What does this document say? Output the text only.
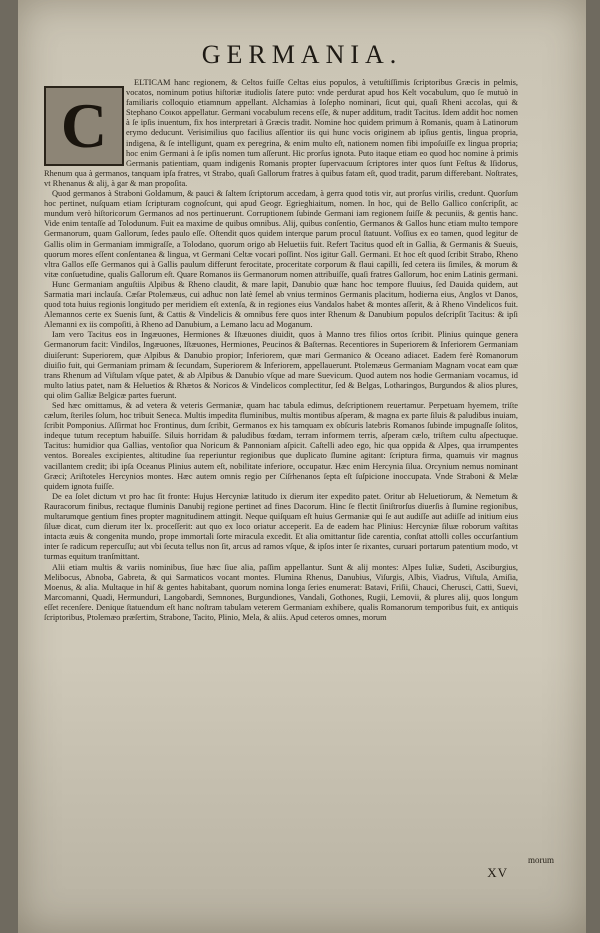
GERMANIA.
C

ELTICAM hanc regionem, & Celtos fuiſſe Celtas eius populos, à vetuſtiſſimis ſcriptoribus Græcis in pelmis, vocatos, nominum potius hiſtoriæ itudiolis ſatere puto: vnde perdurat apud hos Kelt vocabulum, quo ſe mutuò in familiaris colloquio etiamnum appellant. Alchamias à Ioſepho nominari, ſicut qui, quaſi Rheni accolas, qui & Stephano Cοικοι appellatur. Germani vocabulum recens eſſe, & nuper additum, tradit Tacitus. Idem addit hoc nomen à ſe ipſis inuentum, fix hos interpretari à Græcis tradit. Nomine hoc quidem primum à Romanis, quam à Latinorum erymo deducunt. Verisimilius quo facilius aſſentior iis qui hunc vocis originem ab ipſius gentis, lingua propria, indigena, & ſe intelligunt, quam ex peregrina, & enim multo eſt, nationem nomen fibi impoſuiſſe ex lingua propria; hoc enim Germani à ſe ipſis nomen tum aſſerunt. Hic prorſus ignota. Puto itaque etiam eo quod hoc nomine à primis Germanis patientiam, quam indigenis Romanis propter ſupervacuum ſcriptores inter quos ſunt Feſtus & Iſidorus, Rhenum qua à germanos, tanquam ipſa fratres, vt Strabo, quaſi Gallorum fratres à quibus fatam eſt, quod tradit, parum differebant. Noſtrates, vt Rhenanus & alij, à gar & man propoſita.

Quod germanos à Straboni Goldamum, & pauci & ſaltem ſcriptorum accedam, à gerra quod totis vir, aut prorſus virilis, credunt. Quorſum hoc pertinet, nuſquam etiam ſcripturam cognoſcunt, qui apud Geogr. Egrieghiaitum, nomen. In hoc, qui de Bello Gallico conſcripſit, ac mundum verò hiſtoricorum Germanos ad nos pertinuerunt. Corruptionem ſubinde Germani iam regionem ſuiſſe & pecuniis, & gentis hanc. Vide enim tentaſſe ad Tolodunum. Fuit ea maxime de quibus omnibus. Alij, quibus conſentio, Germanos & Gallos hunc etiam multo tempore Germanorum, quam Gallorum, ſedes paulo eſſe. Oſtendit quos quidem interque parum procul ſtatuunt. Voſſius ex eo tamen, quod legitur de Gallis olim in Germaniam immigraſſe, a Tolodano, quorum origo ab Heluetiis fuit. Refert Tacitus quod eſt in Gallia, & Germanis & Sueuis, quorum mores eſſent conſentanea & lingua, vt Germani Celtæ vocari poſſint. Nos igitur Gall. Germani. Et hoc eſt quod ſcribit Strabo, Rheno vltra Gallos eſſe Germanos qui à Gallis paulum differunt ferocitate, proceritate corporum & flaui capilli, ſed cetera iis ſimiles, & morum & vitæ conſuetudine, qualis Gallorum eſt. Quare Romanos iis Germanorum nomen attribuiſſe, quaſi fratres Gallorum, hoc enim Latinis germani.

Hunc Germaniam anguſtiis Alpibus & Rheno claudit, & mare lapit, Danubio quæ hanc hoc tempore fluuius, ſed Dauida quidem, aut Sarmatia mari inclauſa. Cæſar Ptolemæus, cui adhuc non latè ſemel ab vnius terminos Germanis placitum, hodierna eius, Anglos vt Danos, quod tota huius regionis longitudo per meridiem eſt extenſa, & in regiones eius Vandalos habet & montes aſſerit, & à Rheno Vindelicos fuit. Alemannos certe ex Suenis ſunt, & Cattis & Vindelicis & omnibus fere quos inter Rhenum & Danubium populos deſcripſit Tacitus: & ipſi Alemanni ex iis compoſiti, à Rheno ad Danubium, a Lemano lacu ad Moganum.

Iam vero Tacitus eos in Ingæuones, Hermiones & Iſtæuones diuidit, quos à Manno tres filios ortos ſcribit. Plinius quinque genera Germanorum facit: Vindilos, Ingæuones, Iſtæuones, Hermiones, Peucinos & Baſternas. Recentiores in Superiorem & Inferiorem Germaniam diuiſerunt: Superiorem, quæ Alpibus & Danubio propior; Inferiorem, quæ mari Germanico & Oceano adiacet. Eadem ferè Romanorum diuiſio fuit, qui Germaniam primam & ſecundam, Superiorem & Inferiorem, appellauerunt. Ptolemæus Germaniam Magnam vocat eam quæ trans Rhenum ad Viſtulam vſque patet, & ab Alpibus & Danubio vſque ad mare Suevicum. Quod autem nos hodie Germaniam vocamus, id multo latius patet, nam & Heluetios & Rhætos & Noricos & Vindelicos complectitur, ſed & Belgas, Lotharingos, Burgundos & alios plures, qui olim Galliæ Belgicæ partes fuerunt.

Sed hæc omittamus, & ad vetera & veteris Germaniæ, quam hac tabula edimus, deſcriptionem reuertamur. Perpetuam hyemem, triſte cælum, ſteriles ſolum, hoc tribuit Seneca. Multis impedita fluminibus, multis montibus aſperam, & magna ex parte ſiluis & paludibus inuiam, ſcribit Pomponius. Aſſirmat hoc Frontinus, dum ſcribit, Germanos ex his tamquam ex obſcuris latebris Romanos ſubinde impugnaſſe ſolitos, indeque tutum receptum habuiſſe. Siluis horridam & paludibus fœdam, terram informem terris, aſperam cælo, triſtem cultu aſpectuque. Tacitus: humidior qua Gallias, ventoſior qua Noricum & Pannoniam aſpicit. Caſtelli adeo ego, hic qua oppida & Alpes, qua irrumpentes ventos. Boreales excipientes, altitudine ſua reperiuntur regionibus que duplicato ſlumine agitant: ſcriptura firma, quamuis vir magnus vacillantem credit; ibi ipſa Oceanus Plinius autem eſt, nobilitate inferiore, occupatur. Hæc enim Hercynia ſilua. Orcynium nemus nominant Græci; Ariſtoteles Hercynios montes. Hæc autem omnis regio per Ciſrhenanos ſepta eſt ſuſpicione inoccupata. Vnde Straboni & Melæ quidem ignota fuiſſe.

De ea ſolet dictum vt pro hac ſit fronte: Hujus Hercyniæ latitudo ix dierum iter expedito patet. Oritur ab Heluetiorum, & Nemetum & Rauracorum finibus, rectaque fluminis Danubij regione pertinet ad fines Dacorum. Hinc ſe flectit ſiniſtrorſus diuerſis à ſlumine regionibus, multarumque gentium fines propter magnitudinem attingit. Neque quiſquam eſt huius Germaniæ qui ſe aut audiſſe aut adiiſſe ad initium eius ſiluæ dicat, cum dierum iter lx. proceſſerit: aut quo ex loco oriatur acceperit. Ea de eadem hac Plinius: Hercyniæ ſiluæ roborum vaſtitas intacta æuis & congenita mundo, prope immortali ſorte miracula excedit. Et alia omittantur ſide carentia, conſtat attolli colles occurſantium inter ſe radicum repercuſſu; aut vbi ſecuta tellus non ſit, arcus ad ramos vſque, & ipſos inter ſe rixantes, curuari portarum patentium modo, vt turmas equitum tranſmittant.

Alii etiam multis & variis nominibus, ſiue hæc ſiue alia, paſſim appellantur. Sunt & alij montes: Alpes Iuliæ, Sudeti, Asciburgius, Melibocus, Abnoba, Gabreta, & qui Sarmaticos vocant montes. Flumina Rhenus, Danubius, Viſurgis, Albis, Viadrus, Viſtula, Amiſia, Moenus, & alia. Multaque in hiſ & gentes habitabant, quorum nomina longa ſeries enumerat: Batavi, Friſii, Chauci, Cherusci, Catti, Suevi, Marcomanni, Quadi, Hermunduri, Langobardi, Semnones, Burgundiones, Vandali, Gothones, Rugii, Lemovii, & plures alij, quos longum eſſet recenſere. Denique ſtatuendum eſt hanc noſtram tabulam veterem Germaniam exhibere, qualis Romanorum temporibus fuit, ex antiquis ſcriptoribus, Ptolemæo præſertim, Strabone, Tacito, Plinio, Mela, & aliis. Apud ceteros omnes, morum

morum
XV
